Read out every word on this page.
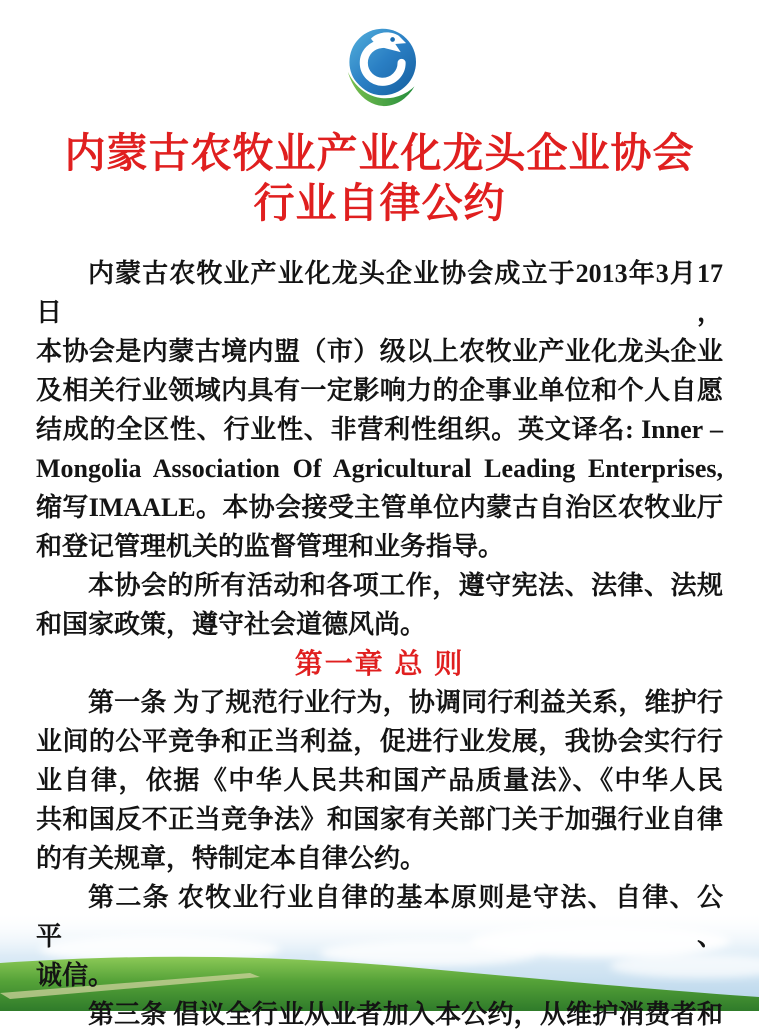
内蒙古农牧业产业化龙头企业协会
行业自律公约
内蒙古农牧业产业化龙头企业协会成立于2013年3月17日，
本协会是内蒙古境内盟（市）级以上农牧业产业化龙头企业
及相关行业领域内具有一定影响力的企事业单位和个人自愿
结成的全区性、行业性、非营利性组织。英文译名: Inner –
Mongolia Association Of Agricultural Leading Enterprises,
缩写IMAALE。本协会接受主管单位内蒙古自治区农牧业厅
和登记管理机关的监督管理和业务指导。
本协会的所有活动和各项工作，遵守宪法、法律、法规
和国家政策，遵守社会道德风尚。
第一章 总 则
第一条 为了规范行业行为，协调同行利益关系，维护行
业间的公平竞争和正当利益，促进行业发展，我协会实行行
业自律，依据《中华人民共和国产品质量法》、《中华人民
共和国反不正当竞争法》和国家有关部门关于加强行业自律
的有关规章，特制定本自律公约。
第二条 农牧业行业自律的基本原则是守法、自律、公平、
诚信。
第三条 倡议全行业从业者加入本公约，从维护消费者和
